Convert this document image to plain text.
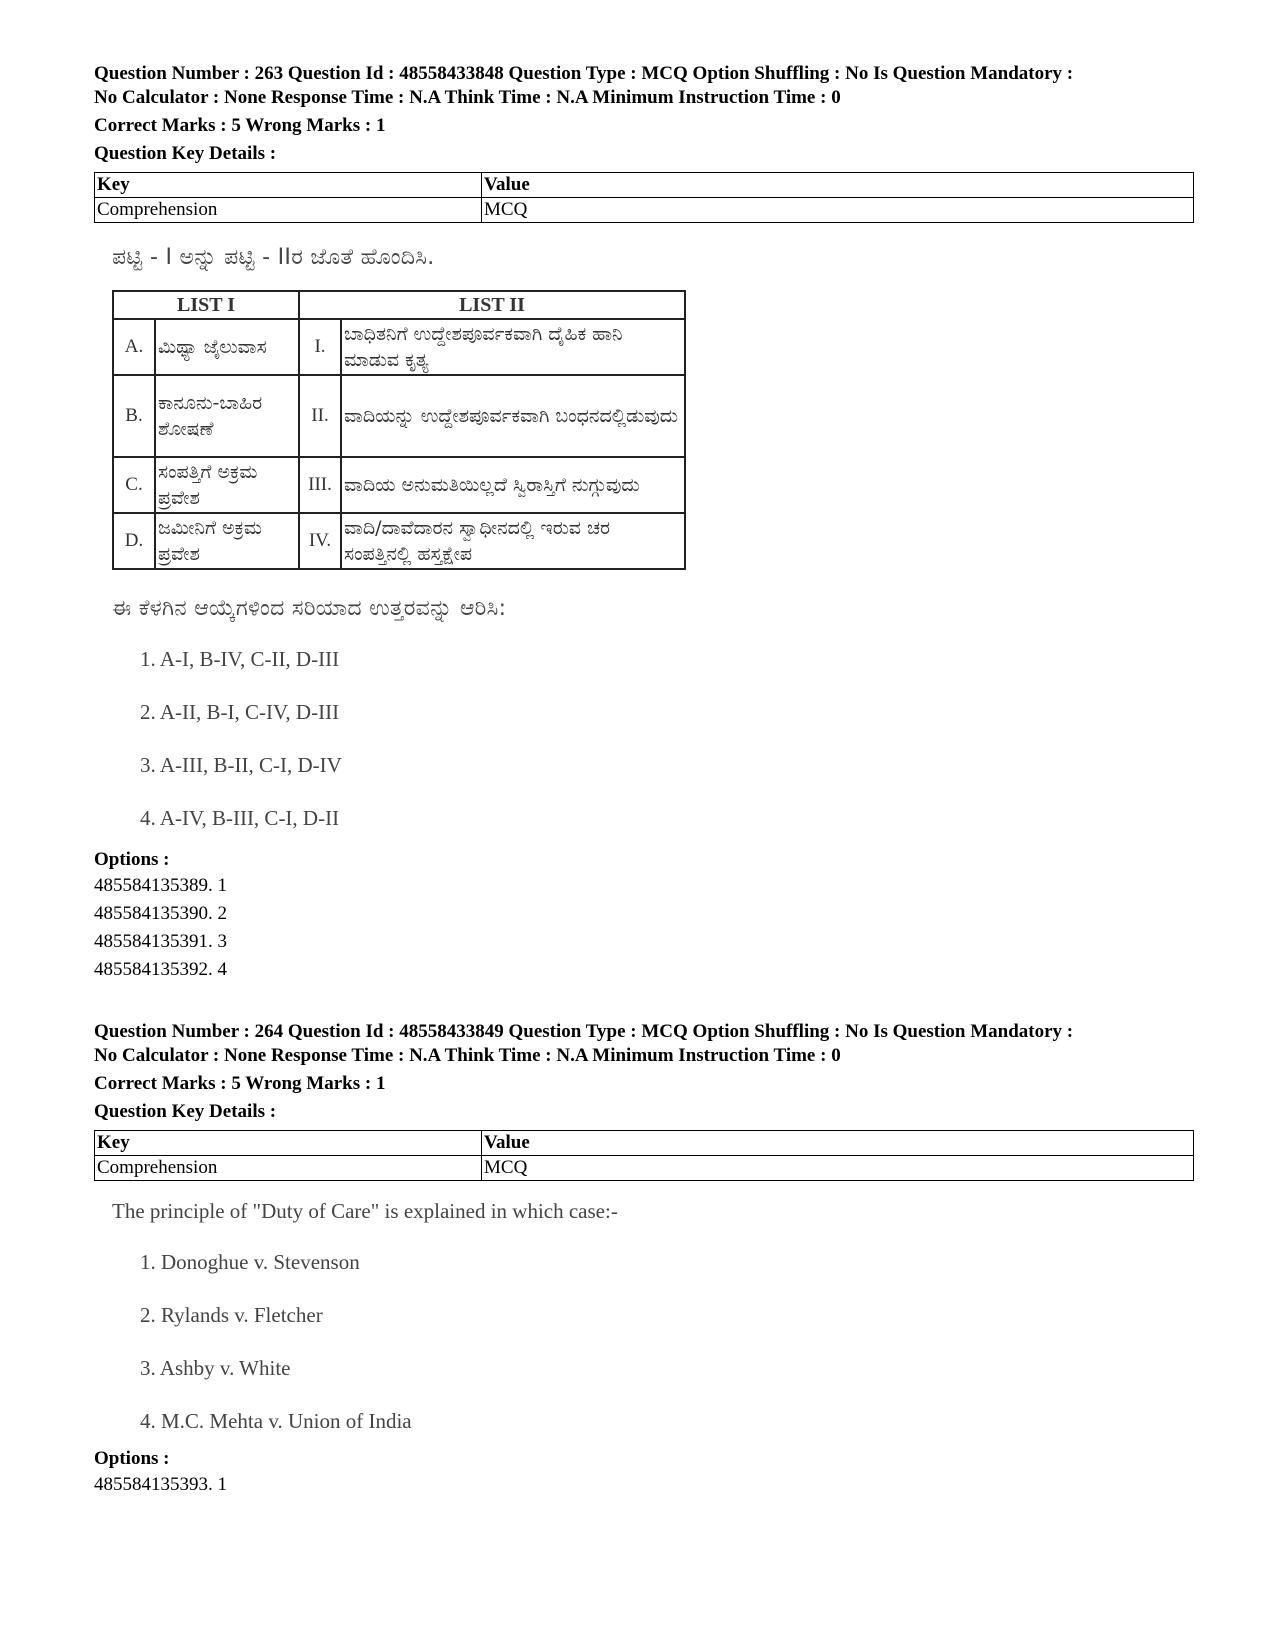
Question Number : 263 Question Id : 48558433848 Question Type : MCQ Option Shuffling : No Is Question Mandatory :
No Calculator : None Response Time : N.A Think Time : N.A Minimum Instruction Time : 0
Correct Marks : 5 Wrong Marks : 1
Question Key Details :
Key	Value
Comprehension	MCQ
ಪಟ್ಟಿ - I ಅನ್ನು ಪಟ್ಟಿ - IIರ ಜೊತೆ ಹೊಂದಿಸಿ.
LIST I		LIST II	
A.	ಮಿಥ್ಯಾ ಜೈಲುವಾಸ	I.	ಬಾಧಿತನಿಗೆ ಉದ್ದೇಶಪೂರ್ವಕವಾಗಿ ದೈಹಿಕ ಹಾನಿ ಮಾಡುವ ಕೃತ್ಯ
B.	ಕಾನೂನು-ಬಾಹಿರ ಶೋಷಣೆ	II.	ವಾದಿಯನ್ನು ಉದ್ದೇಶಪೂರ್ವಕವಾಗಿ ಬಂಧನದಲ್ಲಿಡುವುದು
C.	ಸಂಪತ್ತಿಗೆ ಅಕ್ರಮ ಪ್ರವೇಶ	III.	ವಾದಿಯ ಅನುಮತಿಯಿಲ್ಲದೆ ಸ್ವಿರಾಸ್ತಿಗೆ ನುಗ್ಗುವುದು
D.	ಜಮೀನಿಗೆ ಅಕ್ರಮ ಪ್ರವೇಶ	IV.	ವಾದಿ/ದಾವೆದಾರನ ಸ್ವಾಧೀನದಲ್ಲಿ ಇರುವ ಚರ ಸಂಪತ್ತಿನಲ್ಲಿ ಹಸ್ತಕ್ಷೇಪ
ಈ ಕೆಳಗಿನ ಆಯ್ಕೆಗಳಿಂದ ಸರಿಯಾದ ಉತ್ತರವನ್ನು ಆರಿಸಿ:
1. A-I, B-IV, C-II, D-III
2. A-II, B-I, C-IV, D-III
3. A-III, B-II, C-I, D-IV
4. A-IV, B-III, C-I, D-II
Options :
485584135389. 1
485584135390. 2
485584135391. 3
485584135392. 4
Question Number : 264 Question Id : 48558433849 Question Type : MCQ Option Shuffling : No Is Question Mandatory :
No Calculator : None Response Time : N.A Think Time : N.A Minimum Instruction Time : 0
Correct Marks : 5 Wrong Marks : 1
Question Key Details :
Key	Value
Comprehension	MCQ
The principle of "Duty of Care" is explained in which case:-
1. Donoghue v. Stevenson
2. Rylands v. Fletcher
3. Ashby v. White
4. M.C. Mehta v. Union of India
Options :
485584135393. 1
